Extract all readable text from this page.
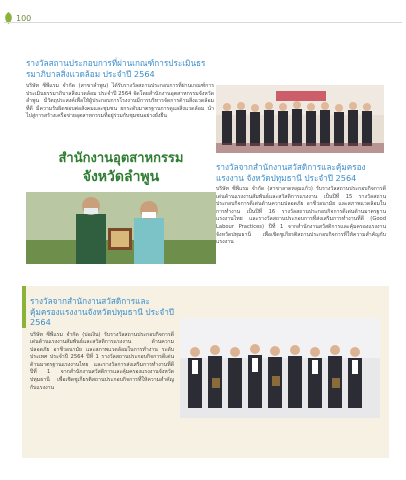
100
รางวัลสถานประกอบการที่ผ่านเกณฑ์การประเมินธรรมาภิบาลสิ่งแวดล้อม ประจำปี 2564
บริษัท ซีพีแรม จำกัด (สาขาลำพูน) ได้รับรางวัลสถานประกอบการที่ผ่านเกณฑ์การประเมินธรรมาภิบาลสิ่งแวดล้อม ประจำปี 2564 จัดโดยสำนักงานอุตสาหกรรมจังหวัดลำพูน มีวัตถุประสงค์เพื่อให้ผู้ประกอบการโรงงานมีการบริหารจัดการด้านสิ่งแวดล้อมที่ดี มีความรับผิดชอบต่อสังคมและชุมชน ยกระดับมาตรฐานการดูแลสิ่งแวดล้อม นำไปสู่การสร้างเครือข่ายอุตสาหกรรมที่อยู่ร่วมกับชุมชนอย่างยั่งยืน
สำนักงานอุตสาหกรรม
จังหวัดลำพูน
รางวัลจากสำนักงานสวัสดิการและคุ้มครองแรงงาน จังหวัดปทุมธานี ประจำปี 2564
บริษัท ซีพีแรม จำกัด (สาขาลาดหลุมแก้ว) รับรางวัลสถานประกอบกิจการดีเด่นด้านแรงงานสัมพันธ์และสวัสดิการแรงงาน เป็นปีที่ 15 รางวัลสถานประกอบกิจการดีเด่นด้านความปลอดภัย อาชีวอนามัย และสภาพแวดล้อมในการทำงาน เป็นปีที่ 16 รางวัลสถานประกอบกิจการดีเด่นด้านมาตรฐานแรงงานไทย และรางวัลสถานประกอบการที่ส่งเสริมการทำงานที่ดี (Good Labour Practices) ปีที่ 1 จากสำนักงานสวัสดิการและคุ้มครองแรงงานจังหวัดปทุมธานี เพื่อเชิดชูเกียรติสถานประกอบกิจการที่ให้ความสำคัญกับแรงงาน
รางวัลจากสำนักงานสวัสดิการและคุ้มครองแรงงานจังหวัดปทุมธานี ประจำปี 2564
บริษัท ซีพีแรม จำกัด (บ่อเงิน) รับรางวัลสถานประกอบกิจการดีเด่นด้านแรงงานสัมพันธ์และสวัสดิการแรงงาน ด้านความปลอดภัย อาชีวอนามัย และสภาพแวดล้อมในการทำงาน ระดับประเทศ ประจำปี 2564 ปีที่ 1 รางวัลสถานประกอบกิจการดีเด่นด้านมาตรฐานแรงงานไทย และรางวัลการส่งเสริมการทำงานที่ดี ปีที่ 1 จากสำนักงานสวัสดิการและคุ้มครองแรงงานจังหวัดปทุมธานี เพื่อเชิดชูเกียรติสถานประกอบกิจการที่ให้ความสำคัญกับแรงงาน
